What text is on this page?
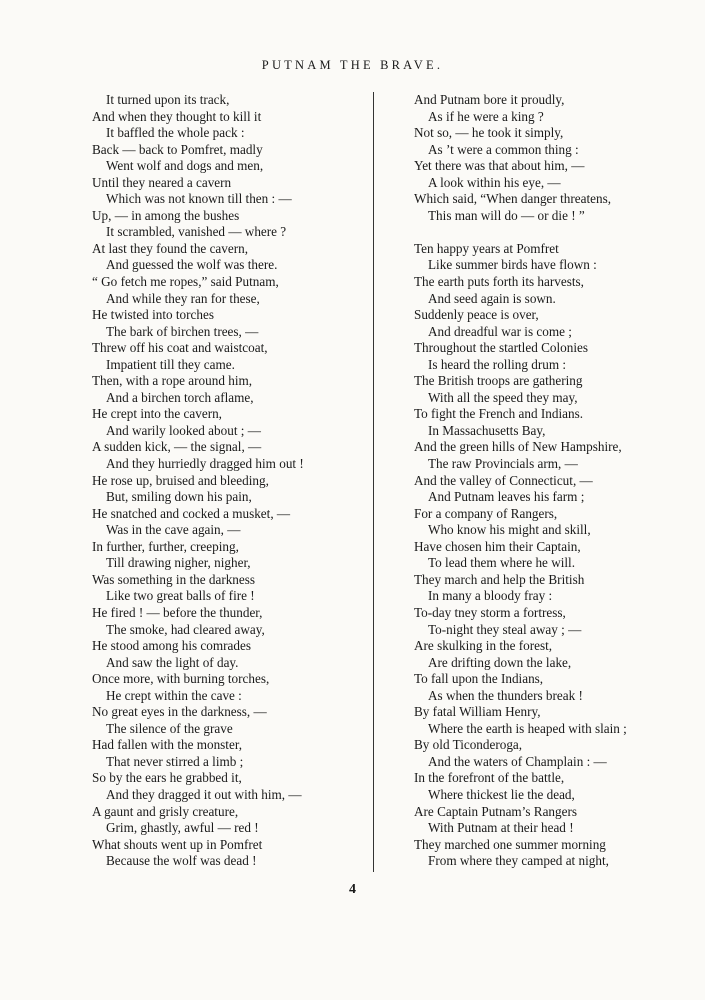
PUTNAM THE BRAVE.
It turned upon its track,
And when they thought to kill it
It baffled the whole pack :
Back — back to Pomfret, madly
Went wolf and dogs and men,
Until they neared a cavern
Which was not known till then : —
Up, — in among the bushes
It scrambled, vanished — where ?
At last they found the cavern,
And guessed the wolf was there.
“ Go fetch me ropes,” said Putnam,
And while they ran for these,
He twisted into torches
The bark of birchen trees, —
Threw off his coat and waistcoat,
Impatient till they came.
Then, with a rope around him,
And a birchen torch aflame,
He crept into the cavern,
And warily looked about ; —
A sudden kick, — the signal, —
And they hurriedly dragged him out !
He rose up, bruised and bleeding,
But, smiling down his pain,
He snatched and cocked a musket, —
Was in the cave again, —
In further, further, creeping,
Till drawing nigher, nigher,
Was something in the darkness
Like two great balls of fire !
He fired ! — before the thunder,
The smoke, had cleared away,
He stood among his comrades
And saw the light of day.
Once more, with burning torches,
He crept within the cave :
No great eyes in the darkness, —
The silence of the grave
Had fallen with the monster,
That never stirred a limb ;
So by the ears he grabbed it,
And they dragged it out with him, —
A gaunt and grisly creature,
Grim, ghastly, awful — red !
What shouts went up in Pomfret
Because the wolf was dead !
And Putnam bore it proudly,
As if he were a king ?
Not so, — he took it simply,
As ’t were a common thing :
Yet there was that about him, —
A look within his eye, —
Which said, “When danger threatens,
This man will do — or die ! ”
Ten happy years at Pomfret
Like summer birds have flown :
The earth puts forth its harvests,
And seed again is sown.
Suddenly peace is over,
And dreadful war is come ;
Throughout the startled Colonies
Is heard the rolling drum :
The British troops are gathering
With all the speed they may,
To fight the French and Indians.
In Massachusetts Bay,
And the green hills of New Hampshire,
The raw Provincials arm, —
And the valley of Connecticut, —
And Putnam leaves his farm ;
For a company of Rangers,
Who know his might and skill,
Have chosen him their Captain,
To lead them where he will.
They march and help the British
In many a bloody fray :
To-day tney storm a fortress,
To-night they steal away ; —
Are skulking in the forest,
Are drifting down the lake,
To fall upon the Indians,
As when the thunders break !
By fatal William Henry,
Where the earth is heaped with slain ;
By old Ticonderoga,
And the waters of Champlain : —
In the forefront of the battle,
Where thickest lie the dead,
Are Captain Putnam’s Rangers
With Putnam at their head !
They marched one summer morning
From where they camped at night,
4
